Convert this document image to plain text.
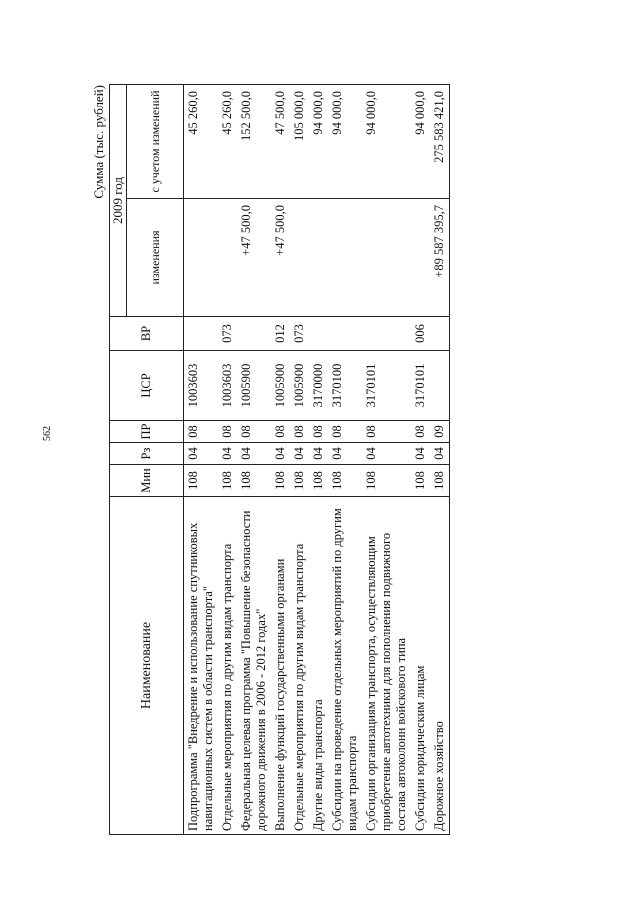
562
Сумма (тыс. рублей)
Наименование	Мин	Рз	ПР	ЦСР	ВР	2009 год	
						изменения	с учетом изменений
Подпрограмма "Внедрение и использование спутниковых навигационных систем в области транспорта"	108	04	08	1003603			45 260,0
Отдельные мероприятия по другим видам транспорта	108	04	08	1003603	073		45 260,0
Федеральная целевая программа "Повышение безопасности дорожного движения в 2006 - 2012 годах"	108	04	08	1005900		+47 500,0	152 500,0
Выполнение функций государственными органами	108	04	08	1005900	012	+47 500,0	47 500,0
Отдельные мероприятия по другим видам транспорта	108	04	08	1005900	073		105 000,0
Другие виды транспорта	108	04	08	3170000			94 000,0
Субсидии на проведение отдельных мероприятий по другим видам транспорта	108	04	08	3170100			94 000,0
Субсидии организациям транспорта, осуществляющим приобретение автотехники для пополнения подвижного состава автоколонн войскового типа	108	04	08	3170101			94 000,0
Субсидии юридическим лицам	108	04	08	3170101	006		94 000,0
Дорожное хозяйство	108	04	09			+89 587 395,7	275 583 421,0
